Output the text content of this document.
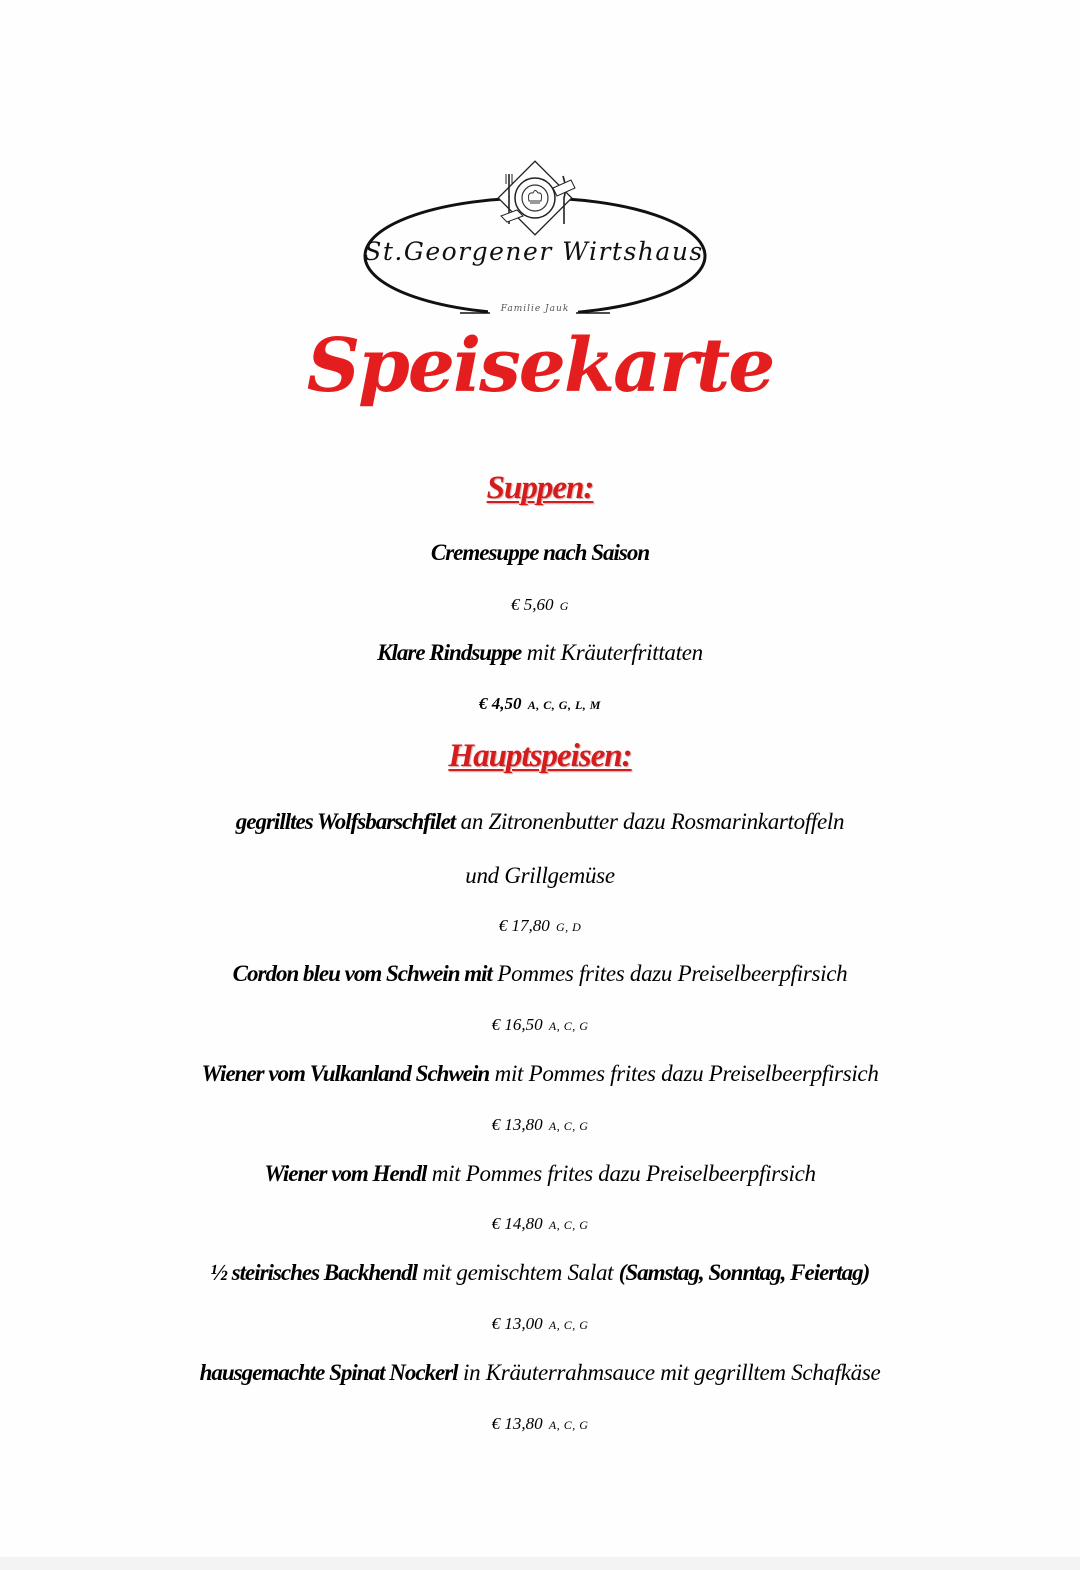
St.Georgener Wirtshaus
Familie Jauk
Speisekarte
Suppen:
Cremesuppe nach Saison
€ 5,60 G
Klare Rindsuppe mit Kräuterfrittaten
€ 4,50 A, C, G, L, M
Hauptspeisen:
gegrilltes Wolfsbarschfilet an Zitronenbutter dazu Rosmarinkartoffeln
und Grillgemüse
€ 17,80 G, D
Cordon bleu vom Schwein mit Pommes frites dazu Preiselbeerpfirsich
€ 16,50 A, C, G
Wiener vom Vulkanland Schwein mit Pommes frites dazu Preiselbeerpfirsich
€ 13,80 A, C, G
Wiener vom Hendl mit Pommes frites dazu Preiselbeerpfirsich
€ 14,80 A, C, G
½ steirisches Backhendl mit gemischtem Salat (Samstag, Sonntag, Feiertag)
€ 13,00 A, C, G
hausgemachte Spinat Nockerl in Kräuterrahmsauce mit gegrilltem Schafkäse
€ 13,80 A, C, G
